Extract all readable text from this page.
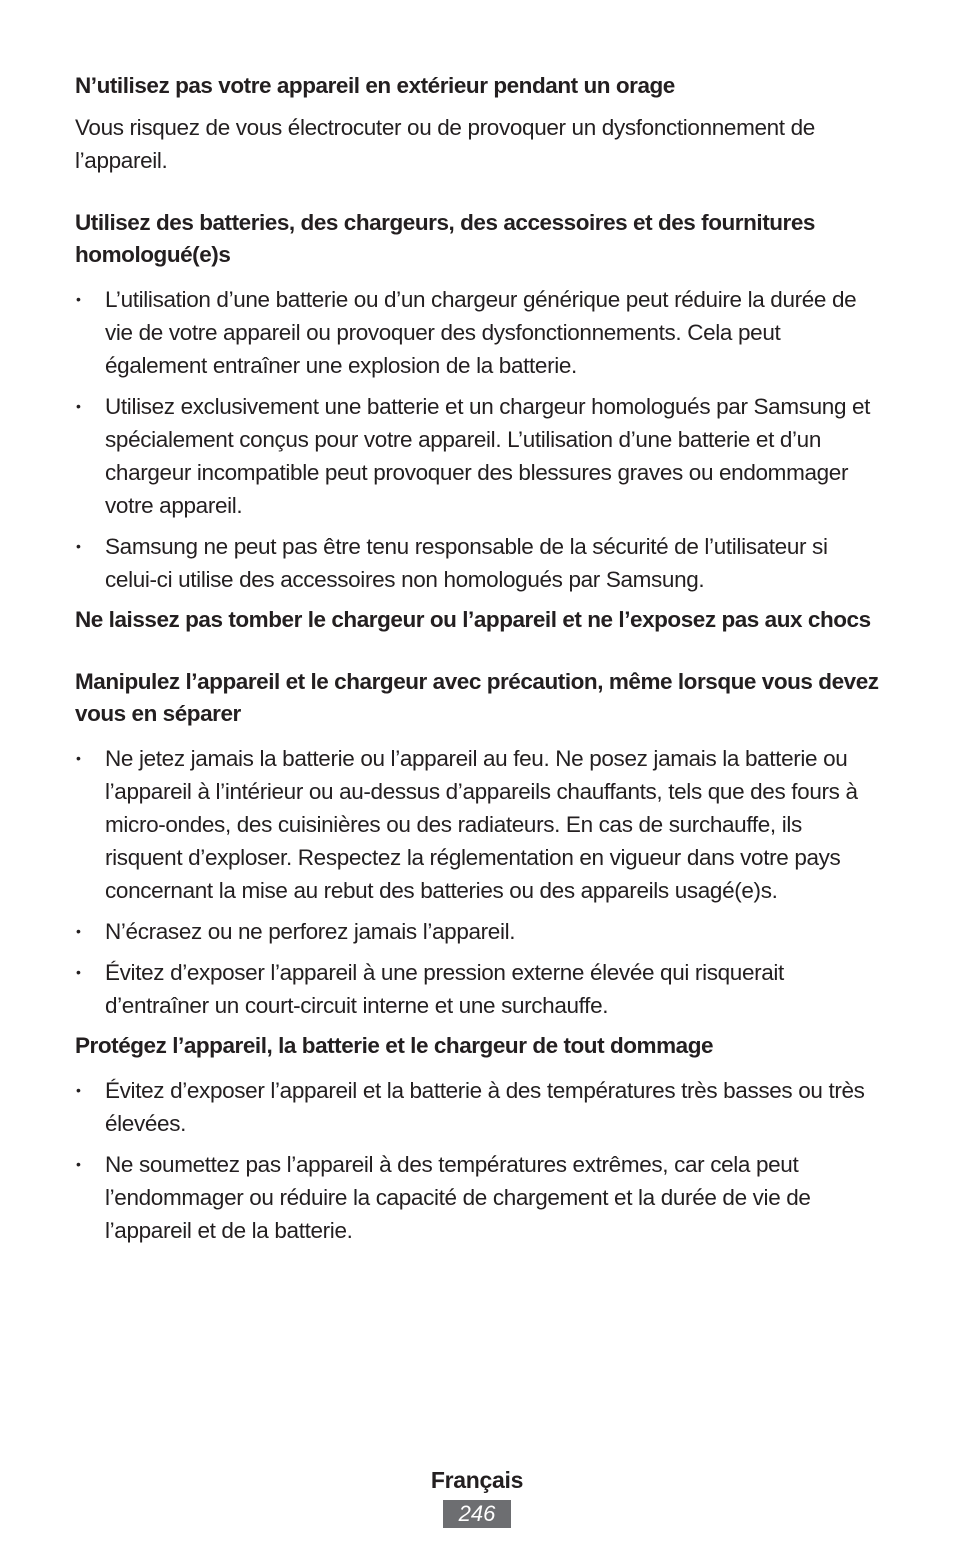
N’utilisez pas votre appareil en extérieur pendant un orage

Vous risquez de vous électrocuter ou de provoquer un dysfonctionnement de l’appareil.

Utilisez des batteries, des chargeurs, des accessoires et des fournitures homologué(e)s

• L’utilisation d’une batterie ou d’un chargeur générique peut réduire la durée de vie de votre appareil ou provoquer des dysfonctionnements. Cela peut également entraîner une explosion de la batterie.
• Utilisez exclusivement une batterie et un chargeur homologués par Samsung et spécialement conçus pour votre appareil. L’utilisation d’une batterie et d’un chargeur incompatible peut provoquer des blessures graves ou endommager votre appareil.
• Samsung ne peut pas être tenu responsable de la sécurité de l’utilisateur si celui-ci utilise des accessoires non homologués par Samsung.

Ne laissez pas tomber le chargeur ou l’appareil et ne l’exposez pas aux chocs

Manipulez l’appareil et le chargeur avec précaution, même lorsque vous devez vous en séparer

• Ne jetez jamais la batterie ou l’appareil au feu. Ne posez jamais la batterie ou l’appareil à l’intérieur ou au-dessus d’appareils chauffants, tels que des fours à micro-ondes, des cuisinières ou des radiateurs. En cas de surchauffe, ils risquent d’exploser. Respectez la réglementation en vigueur dans votre pays concernant la mise au rebut des batteries ou des appareils usagé(e)s.
• N’écrasez ou ne perforez jamais l’appareil.
• Évitez d’exposer l’appareil à une pression externe élevée qui risquerait d’entraîner un court-circuit interne et une surchauffe.

Protégez l’appareil, la batterie et le chargeur de tout dommage

• Évitez d’exposer l’appareil et la batterie à des températures très basses ou très élevées.
• Ne soumettez pas l’appareil à des températures extrêmes, car cela peut l’endommager ou réduire la capacité de chargement et la durée de vie de l’appareil et de la batterie.
Français
246
